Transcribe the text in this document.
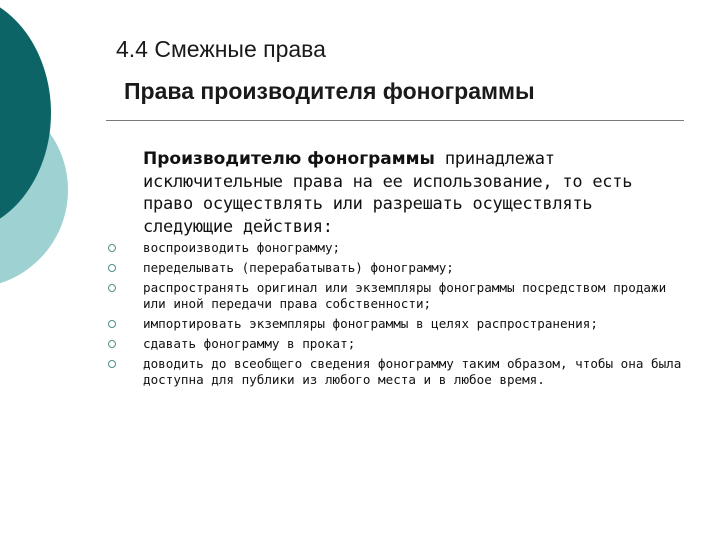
4.4 Смежные права
Права производителя фонограммы
Производителю фонограммы принадлежат исключительные права на ее использование, то есть право осуществлять или разрешать осуществлять следующие действия:
воспроизводить фонограмму;
переделывать (перерабатывать) фонограмму;
распространять оригинал или экземпляры фонограммы посредством продажи или иной передачи права собственности;
импортировать экземпляры фонограммы в целях распространения;
сдавать фонограмму в прокат;
доводить до всеобщего сведения фонограмму таким образом, чтобы она была доступна для публики из любого места и в любое время.
